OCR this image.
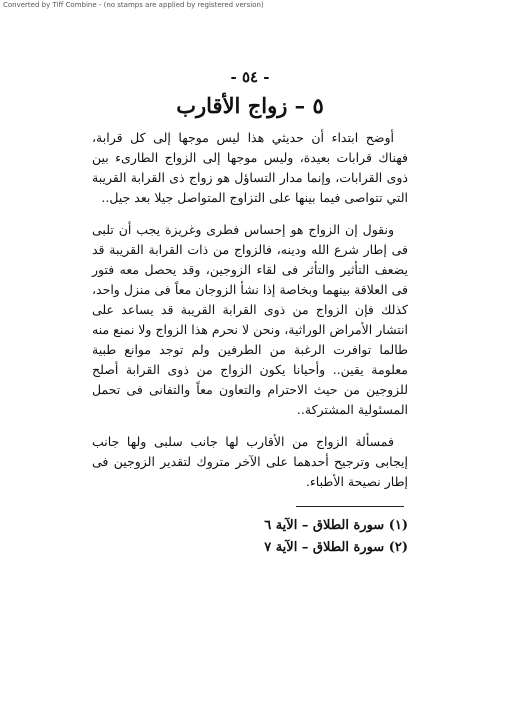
Converted by Tiff Combine - (no stamps are applied by registered version)
- ٥٤ -
٥ – زواج الأقارب

أوضح ابتداء أن حديثي هذا ليس موجها إلى كل قرابة، فهناك قرابات بعيدة، وليس موجها إلى الزواج الطارىء بين ذوى القرابات، وإنما مدار التساؤل هو زواج ذى القرابة القريبة التي تتواصى فيما بينها على التزاوج المتواصل جيلا بعد جيل..

ونقول إن الزواج هو إحساس فطرى وغريزة يجب أن تلبى فى إطار شرع الله ودينه، فالزواج من ذات القرابة القريبة قد يضعف التأثير والتأثر فى لقاء الزوجين، وقد يحصل معه فتور فى العلاقة بينهما وبخاصة إذا نشأ الزوجان معاً فى منزل واحد، كذلك فإن الزواج من ذوى القرابة القريبة قد يساعد على انتشار الأمراض الوراثية، ونحن لا نحرم هذا الزواج ولا نمنع منه طالما توافرت الرغبة من الطرفين ولم توجد موانع طبية معلومة يقين.. وأحيانا يكون الزواج من ذوى القرابة أصلح للزوجين من حيث الاحترام والتعاون معاً والتفانى فى تحمل المسئولية المشتركة..

فمسألة الزواج من الأقارب لها جانب سلبى ولها جانب إيجابى وترجيح أحدهما على الآخر متروك لتقدير الزوجين فى إطار نصيحة الأطباء.

(١) سورة الطلاق – الآية ٦
(٢) سورة الطلاق – الآية ٧
